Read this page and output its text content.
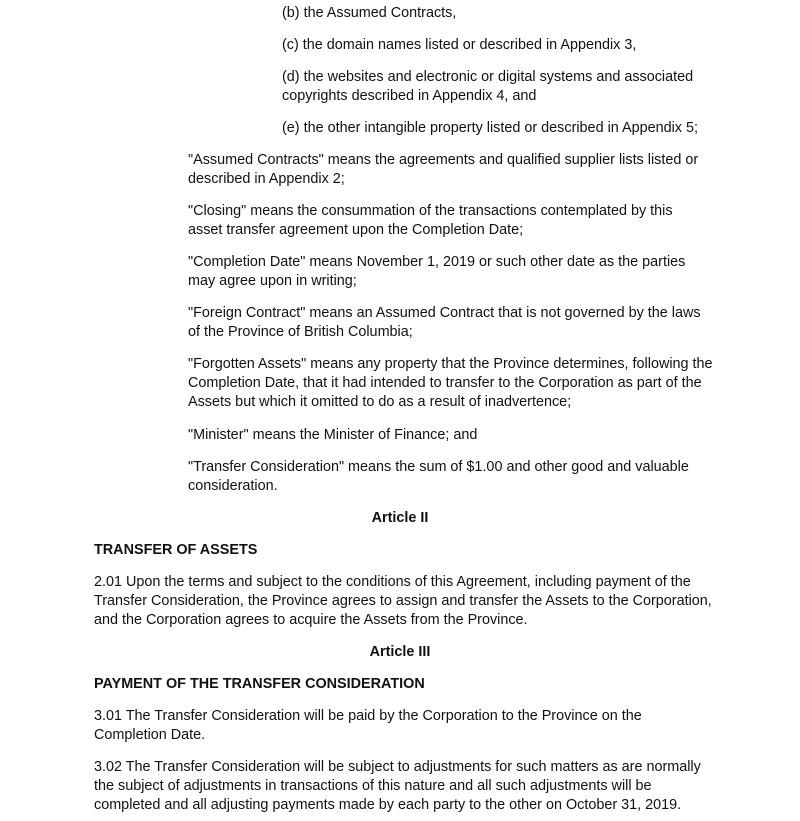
(b) the Assumed Contracts,

(c) the domain names listed or described in Appendix 3,

(d) the websites and electronic or digital systems and associated copyrights described in Appendix 4, and

(e) the other intangible property listed or described in Appendix 5;

"Assumed Contracts" means the agreements and qualified supplier lists listed or described in Appendix 2;

"Closing" means the consummation of the transactions contemplated by this asset transfer agreement upon the Completion Date;

"Completion Date" means November 1, 2019 or such other date as the parties may agree upon in writing;

"Foreign Contract" means an Assumed Contract that is not governed by the laws of the Province of British Columbia;

"Forgotten Assets" means any property that the Province determines, following the Completion Date, that it had intended to transfer to the Corporation as part of the Assets but which it omitted to do as a result of inadvertence;

"Minister" means the Minister of Finance; and

"Transfer Consideration" means the sum of $1.00 and other good and valuable consideration.

Article II

TRANSFER OF ASSETS

2.01 Upon the terms and subject to the conditions of this Agreement, including payment of the Transfer Consideration, the Province agrees to assign and transfer the Assets to the Corporation, and the Corporation agrees to acquire the Assets from the Province.

Article III

PAYMENT OF THE TRANSFER CONSIDERATION

3.01 The Transfer Consideration will be paid by the Corporation to the Province on the Completion Date.

3.02 The Transfer Consideration will be subject to adjustments for such matters as are normally the subject of adjustments in transactions of this nature and all such adjustments will be completed and all adjusting payments made by each party to the other on October 31, 2019.
